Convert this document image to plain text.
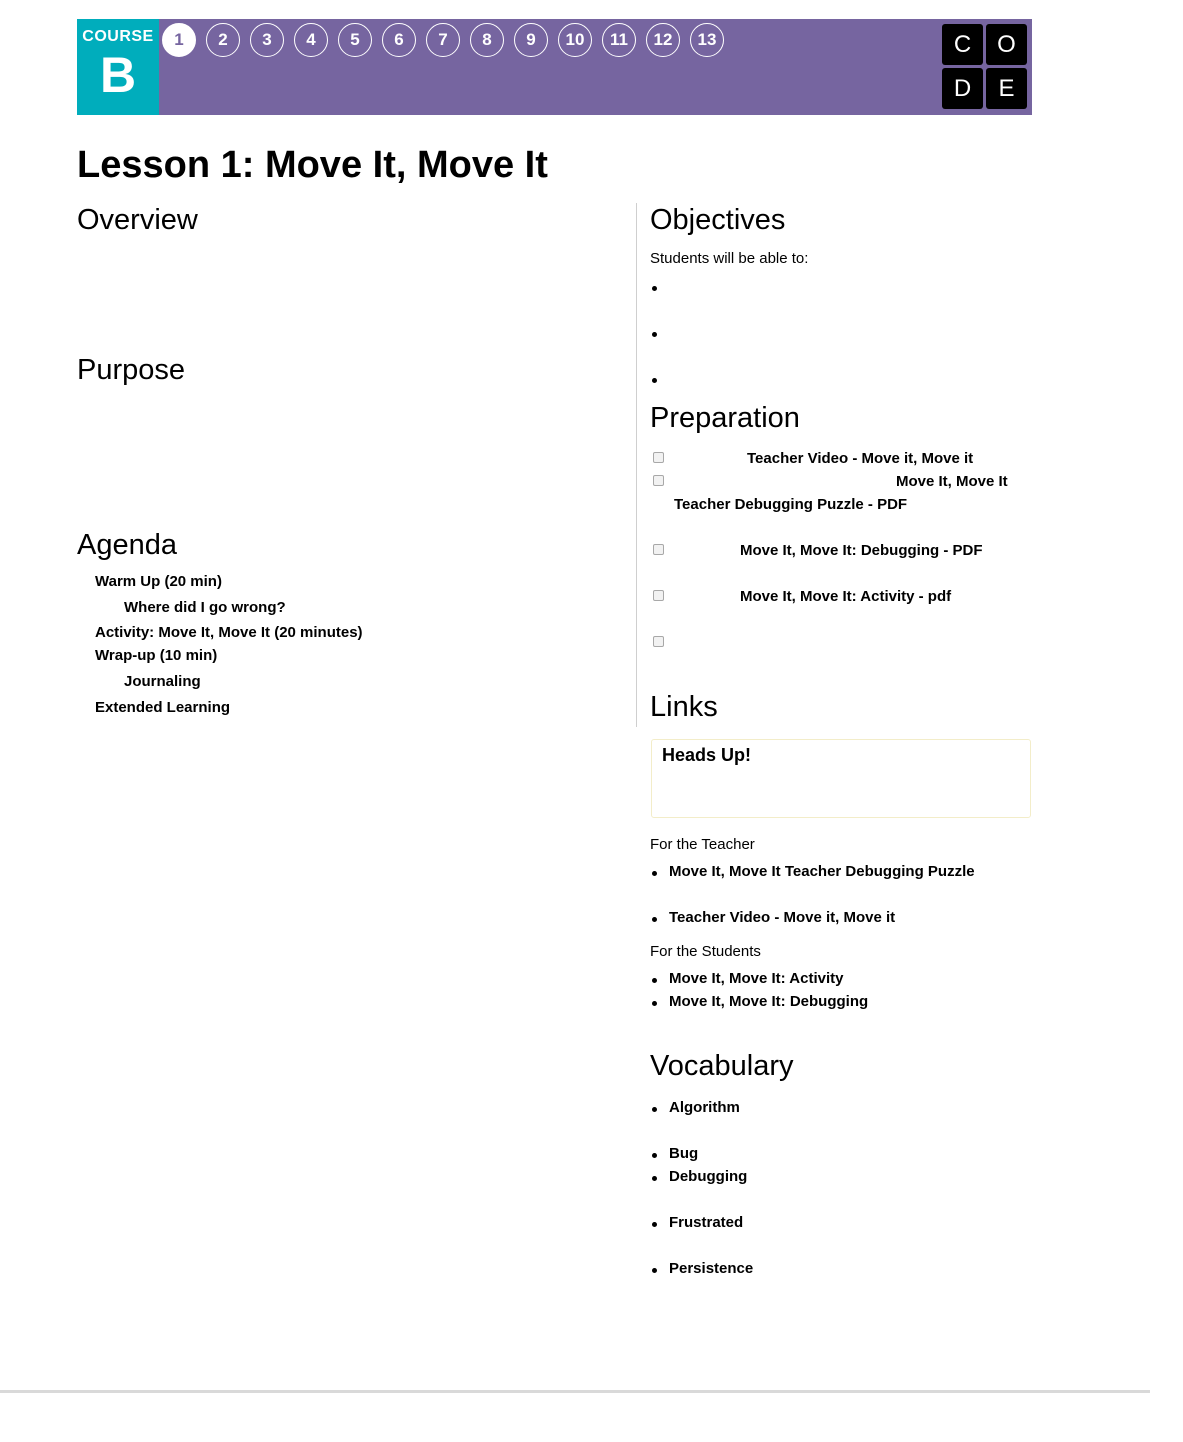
COURSE
B
1	2	3	4	5	6	7	8	9	10	11	12	13	C	O
D	E
Lesson 1: Move It, Move It
Overview
Purpose
Agenda
Warm Up (20 min)
Where did I go wrong?
Activity: Move It, Move It (20 minutes)
Wrap-up (10 min)
Journaling
Extended Learning
Objectives
Students will be able to:
Preparation
Teacher Video - Move it, Move it
Move It, Move It
Teacher Debugging Puzzle - PDF
Move It, Move It: Debugging - PDF
Move It, Move It: Activity - pdf
Links
Heads Up!
For the Teacher
Move It, Move It Teacher Debugging Puzzle
Teacher Video - Move it, Move it
For the Students
Move It, Move It: Activity
Move It, Move It: Debugging
Vocabulary
Algorithm
Bug
Debugging
Frustrated
Persistence
